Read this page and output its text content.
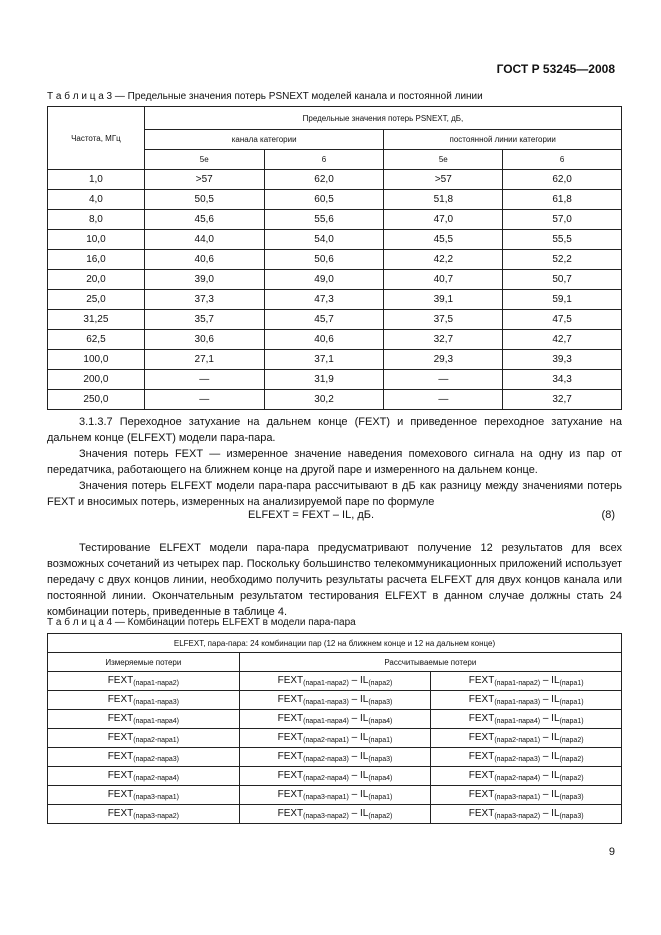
ГОСТ Р 53245—2008
Т а б л и ц а 3 — Предельные значения потерь PSNEXT моделей канала и постоянной линии
Частота, МГц	Предельные значения потерь PSNEXT, дБ,			
	канала категории		постоянной линии категории	
	5е	6	5е	6
1,0	>57	62,0	>57	62,0
4,0	50,5	60,5	51,8	61,8
8,0	45,6	55,6	47,0	57,0
10,0	44,0	54,0	45,5	55,5
16,0	40,6	50,6	42,2	52,2
20,0	39,0	49,0	40,7	50,7
25,0	37,3	47,3	39,1	59,1
31,25	35,7	45,7	37,5	47,5
62,5	30,6	40,6	32,7	42,7
100,0	27,1	37,1	29,3	39,3
200,0	—	31,9	—	34,3
250,0	—	30,2	—	32,7
3.1.3.7 Переходное затухание на дальнем конце (FEXT) и приведенное переходное затухание на дальнем конце (ELFEXT) модели пара-пара.
Значения потерь FEXT — измеренное значение наведения помехового сигнала на одну из пар от передатчика, работающего на ближнем конце на другой паре и измеренного на дальнем конце.
Значения потерь ELFEXT модели пара-пара рассчитывают в дБ как разницу между значениями потерь FEXT и вносимых потерь, измеренных на анализируемой паре по формуле
ELFEXT = FEXT – IL, дБ.	(8)
Тестирование ELFEXT модели пара-пара предусматривают получение 12 результатов для всех возможных сочетаний из четырех пар. Поскольку большинство телекоммуникационных приложений использует передачу с двух концов линии, необходимо получить результаты расчета ELFEXT для двух концов канала или постоянной линии. Окончательным результатом тестирования ELFEXT в данном случае должны стать 24 комбинации потерь, приведенные в таблице 4.
Т а б л и ц а 4 — Комбинации потерь ELFEXT в модели пара-пара
ELFEXT, пара-пара: 24 комбинации пар (12 на ближнем конце и 12 на дальнем конце)		
Измеряемые потери	Рассчитываемые потери	
$FEXT_{(пара1-пара2)}$	$FEXT_{(пара1-пара2)} - IL_{(пара2)}$	$FEXT_{(пара1-пара2)} - IL_{(пара1)}$
$FEXT_{(пара1-пара3)}$	$FEXT_{(пара1-пара3)} - IL_{(пара3)}$	$FEXT_{(пара1-пара3)} - IL_{(пара1)}$
$FEXT_{(пара1-пара4)}$	$FEXT_{(пара1-пара4)} - IL_{(пара4)}$	$FEXT_{(пара1-пара4)} - IL_{(пара1)}$
$FEXT_{(пара2-пара1)}$	$FEXT_{(пара2-пара1)} - IL_{(пара1)}$	$FEXT_{(пара2-пара1)} - IL_{(пара2)}$
$FEXT_{(пара2-пара3)}$	$FEXT_{(пара2-пара3)} - IL_{(пара3)}$	$FEXT_{(пара2-пара3)} - IL_{(пара2)}$
$FEXT_{(пара2-пара4)}$	$FEXT_{(пара2-пара4)} - IL_{(пара4)}$	$FEXT_{(пара2-пара4)} - IL_{(пара2)}$
$FEXT_{(пара3-пара1)}$	$FEXT_{(пара3-пара1)} - IL_{(пара1)}$	$FEXT_{(пара3-пара1)} - IL_{(пара3)}$
$FEXT_{(пара3-пара2)}$	$FEXT_{(пара3-пара2)} - IL_{(пара2)}$	$FEXT_{(пара3-пара2)} - IL_{(пара3)}$
9
